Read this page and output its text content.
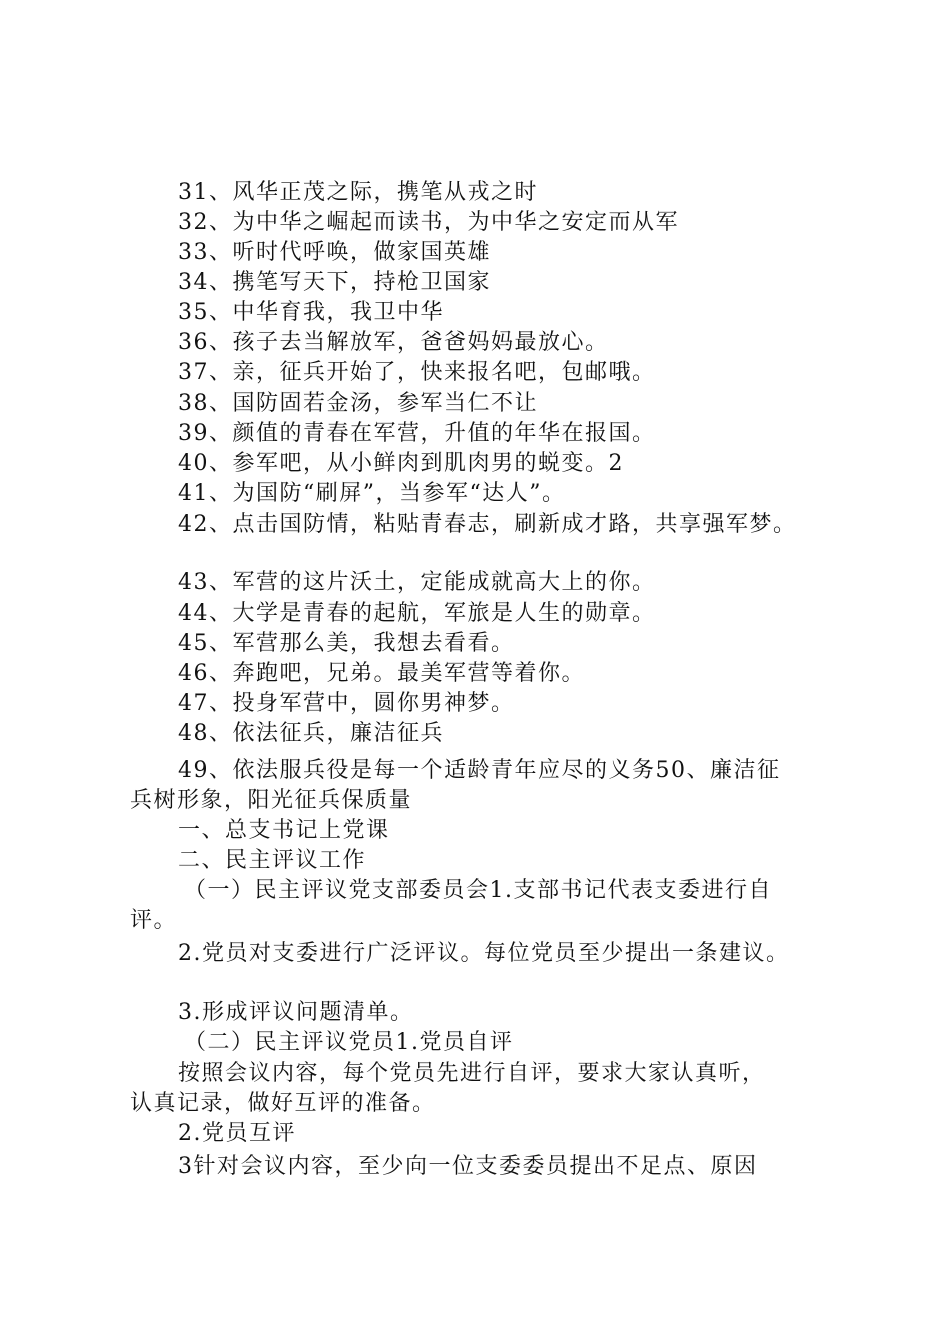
31、风华正茂之际，携笔从戎之时
32、为中华之崛起而读书，为中华之安定而从军
33、听时代呼唤，做家国英雄
34、携笔写天下，持枪卫国家
35、中华育我，我卫中华
36、孩子去当解放军，爸爸妈妈最放心。
37、亲，征兵开始了，快来报名吧，包邮哦。
38、国防固若金汤，参军当仁不让
39、颜值的青春在军营，升值的年华在报国。
40、参军吧，从小鲜肉到肌肉男的蜕变。2
41、为国防“刷屏”，当参军“达人”。
42、点击国防情，粘贴青春志，刷新成才路，共享强军梦。
43、军营的这片沃土，定能成就高大上的你。
44、大学是青春的起航，军旅是人生的勋章。
45、军营那么美，我想去看看。
46、奔跑吧，兄弟。最美军营等着你。
47、投身军营中，圆你男神梦。
48、依法征兵，廉洁征兵
49、依法服兵役是每一个适龄青年应尽的义务50、廉洁征
兵树形象，阳光征兵保质量
一、总支书记上党课
二、民主评议工作
（一）民主评议党支部委员会1.支部书记代表支委进行自
评。
2.党员对支委进行广泛评议。每位党员至少提出一条建议。
3.形成评议问题清单。
（二）民主评议党员1.党员自评
按照会议内容，每个党员先进行自评，要求大家认真听，
认真记录，做好互评的准备。
2.党员互评
3针对会议内容，至少向一位支委委员提出不足点、原因
